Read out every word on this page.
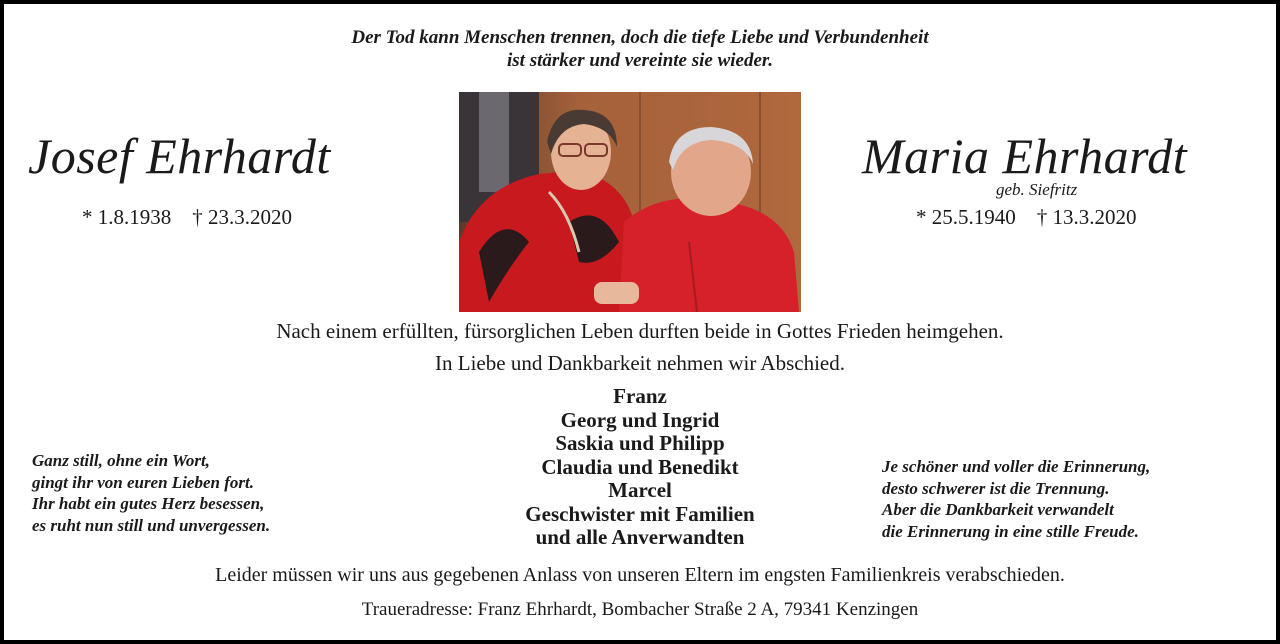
Der Tod kann Menschen trennen, doch die tiefe Liebe und Verbundenheit
ist stärker und vereinte sie wieder.
Josef Ehrhardt
* 1.8.1938    † 23.3.2020
Maria Ehrhardt
geb. Siefritz
* 25.5.1940    † 13.3.2020
Nach einem erfüllten, fürsorglichen Leben durften beide in Gottes Frieden heimgehen.
In Liebe und Dankbarkeit nehmen wir Abschied.
Franz
Georg und Ingrid
Saskia und Philipp
Claudia und Benedikt
Marcel
Geschwister mit Familien
und alle Anverwandten
Ganz still, ohne ein Wort,
gingt ihr von euren Lieben fort.
Ihr habt ein gutes Herz besessen,
es ruht nun still und unvergessen.
Je schöner und voller die Erinnerung,
desto schwerer ist die Trennung.
Aber die Dankbarkeit verwandelt
die Erinnerung in eine stille Freude.
Leider müssen wir uns aus gegebenen Anlass von unseren Eltern im engsten Familienkreis verabschieden.
Traueradresse: Franz Ehrhardt, Bombacher Straße 2 A, 79341 Kenzingen
